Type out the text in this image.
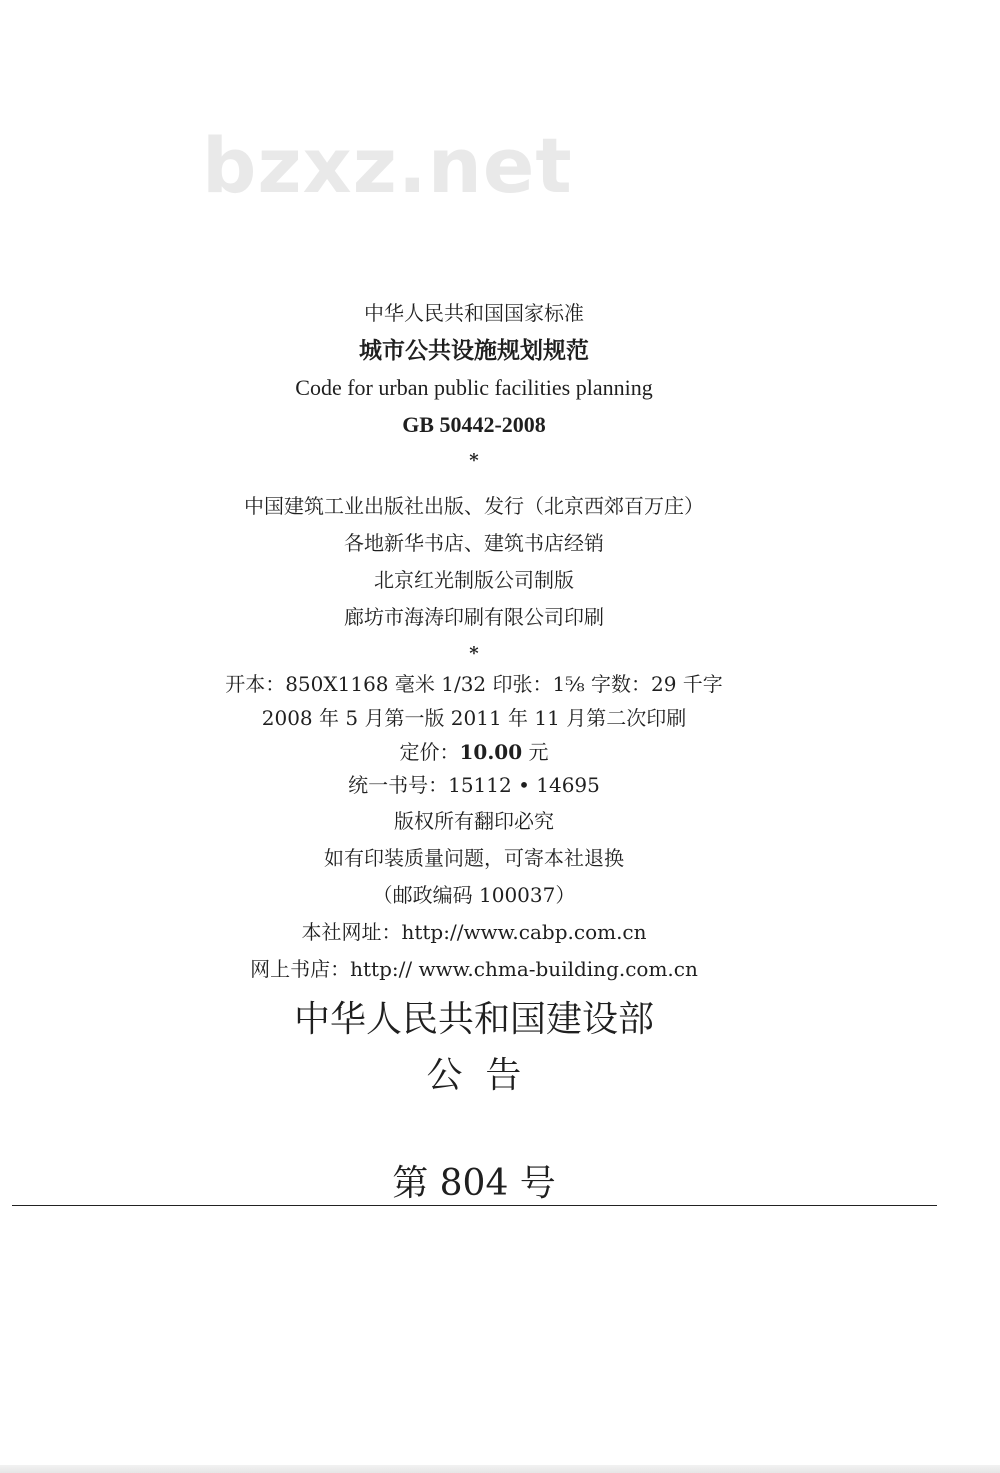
bzxz.net
中华人民共和国国家标准
城市公共设施规划规范
Code for urban public facilities planning
GB 50442-2008
*
中国建筑工业出版社出版、发行（北京西郊百万庄）
各地新华书店、建筑书店经销
北京红光制版公司制版
廊坊市海涛印刷有限公司印刷
*
开本：850X1168 毫米 1/32 印张：1⅝ 字数：29 千字
2008 年 5 月第一版 2011 年 11 月第二次印刷
定价：10.00 元
统一书号：15112 • 14695
版权所有翻印必究
如有印装质量问题，可寄本社退换
（邮政编码 100037）
本社网址：http://www.cabp.com.cn
网上书店：http:// www.chma-building.com.cn
中华人民共和国建设部
公  告
第 804 号
